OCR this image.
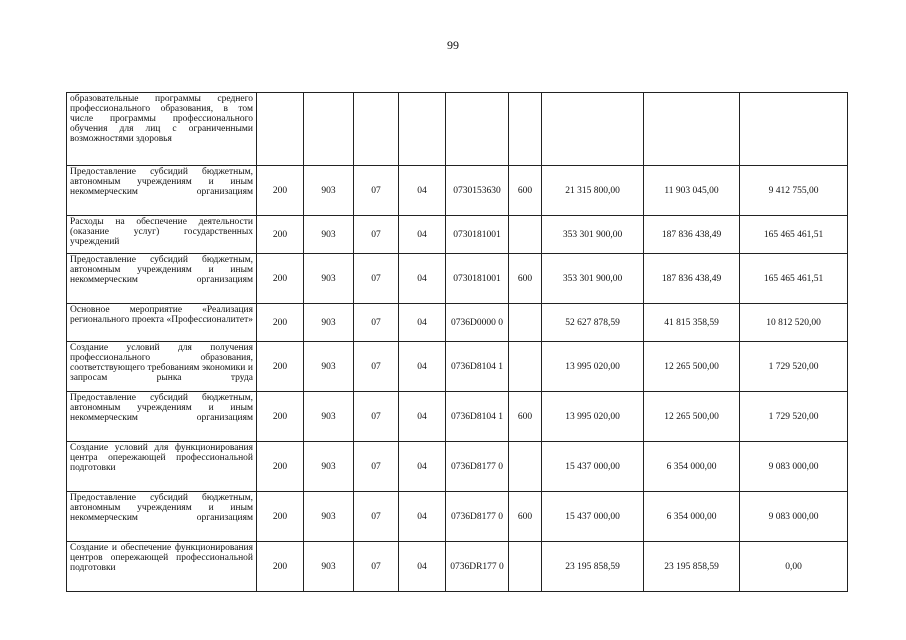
99
образовательные программы среднего профессионального образования, в том числе программы профессионального обучения для лиц с ограниченными возможностями здоровья									
Предоставление субсидий бюджетным, автономным учреждениям и иным некоммерческим организациям	200	903	07	04	0730153630	600	21 315 800,00	11 903 045,00	9 412 755,00
Расходы на обеспечение деятельности (оказание услуг) государственных учреждений	200	903	07	04	0730181001		353 301 900,00	187 836 438,49	165 465 461,51
Предоставление субсидий бюджетным, автономным учреждениям и иным некоммерческим организациям	200	903	07	04	0730181001	600	353 301 900,00	187 836 438,49	165 465 461,51
Основное мероприятие «Реализация регионального проекта «Профессионалитет»	200	903	07	04	0736D0000 0		52 627 878,59	41 815 358,59	10 812 520,00
Создание условий для получения профессионального образования, соответствующего требованиям экономики и запросам рынка труда	200	903	07	04	0736D8104 1		13 995 020,00	12 265 500,00	1 729 520,00
Предоставление субсидий бюджетным, автономным учреждениям и иным некоммерческим организациям	200	903	07	04	0736D8104 1	600	13 995 020,00	12 265 500,00	1 729 520,00
Создание условий для функционирования центра опережающей профессиональной подготовки	200	903	07	04	0736D8177 0		15 437 000,00	6 354 000,00	9 083 000,00
Предоставление субсидий бюджетным, автономным учреждениям и иным некоммерческим организациям	200	903	07	04	0736D8177 0	600	15 437 000,00	6 354 000,00	9 083 000,00
Создание и обеспечение функционирования центров опережающей профессиональной подготовки	200	903	07	04	0736DR177 0		23 195 858,59	23 195 858,59	0,00
